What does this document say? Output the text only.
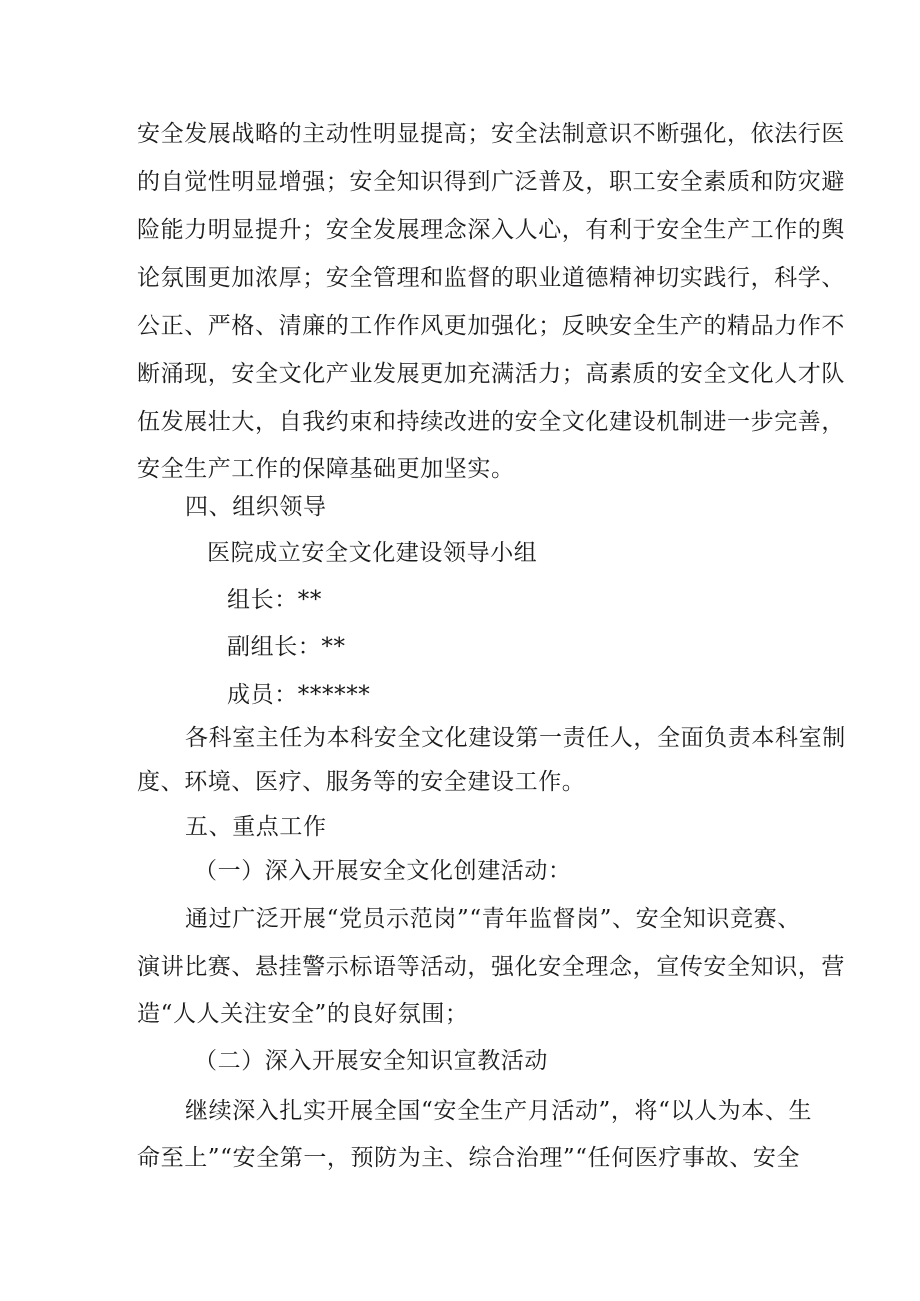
安全发展战略的主动性明显提高；安全法制意识不断强化，依法行医
的自觉性明显增强；安全知识得到广泛普及，职工安全素质和防灾避
险能力明显提升；安全发展理念深入人心，有利于安全生产工作的舆
论氛围更加浓厚；安全管理和监督的职业道德精神切实践行，科学、
公正、严格、清廉的工作作风更加强化；反映安全生产的精品力作不
断涌现，安全文化产业发展更加充满活力；高素质的安全文化人才队
伍发展壮大，自我约束和持续改进的安全文化建设机制进一步完善，
安全生产工作的保障基础更加坚实。
四、组织领导
医院成立安全文化建设领导小组
组长：**
副组长：**
成员：******
各科室主任为本科安全文化建设第一责任人，全面负责本科室制
度、环境、医疗、服务等的安全建设工作。
五、重点工作
（一）深入开展安全文化创建活动：
通过广泛开展“党员示范岗”“青年监督岗”、安全知识竞赛、
演讲比赛、悬挂警示标语等活动，强化安全理念，宣传安全知识，营
造“人人关注安全”的良好氛围；
（二）深入开展安全知识宣教活动
继续深入扎实开展全国“安全生产月活动”，将“以人为本、生
命至上”“安全第一，预防为主、综合治理”“任何医疗事故、安全
